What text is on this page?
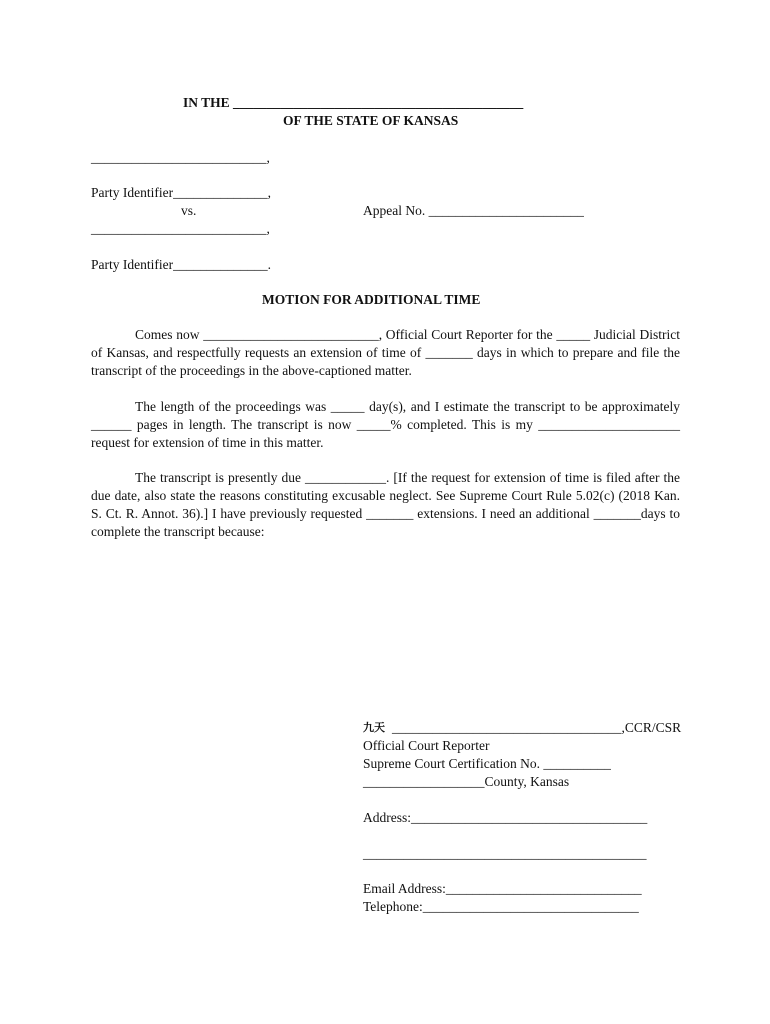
IN THE ___________________________________________
OF THE STATE OF KANSAS
__________________________,
Party Identifier______________,
vs.	Appeal No. _______________________
__________________________,
Party Identifier______________.
MOTION FOR ADDITIONAL TIME

Comes now __________________________, Official Court Reporter for the _____ Judicial District of Kansas, and respectfully requests an extension of time of _______ days in which to prepare and file the transcript of the proceedings in the above-captioned matter.

The length of the proceedings was _____ day(s), and I estimate the transcript to be approximately ______ pages in length. The transcript is now _____% completed. This is my _____________________ request for extension of time in this matter.

The transcript is presently due ____________. [If the request for extension of time is filed after the due date, also state the reasons constituting excusable neglect. See Supreme Court Rule 5.02(c) (2018 Kan. S. Ct. R. Annot. 36).] I have previously requested _______ extensions. I need an additional _______days to complete the transcript because:

九天 __________________________________,CCR/CSR
Official Court Reporter
Supreme Court Certification No. __________
__________________County, Kansas
Address:___________________________________
__________________________________________
Email Address:_____________________________
Telephone:________________________________
